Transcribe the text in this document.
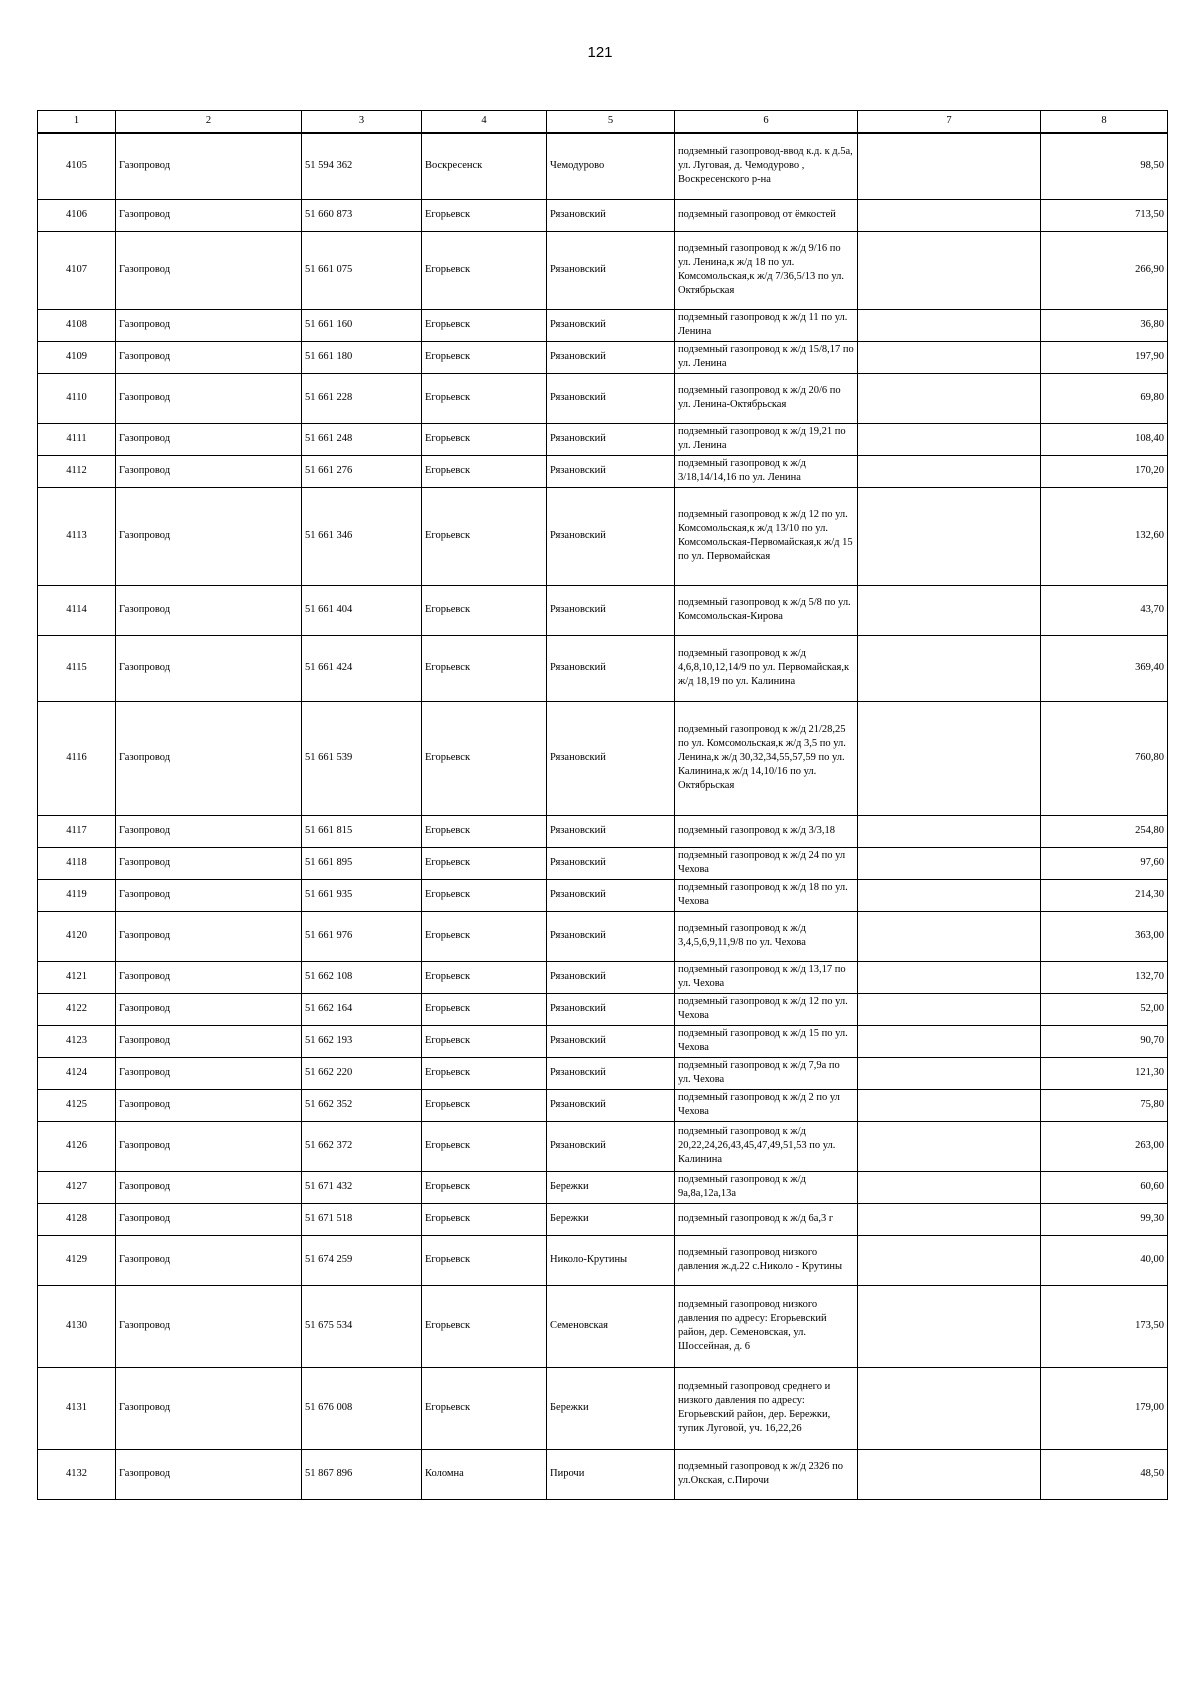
121
1	2	3	4	5	6	7	8
4105	Газопровод	51 594 362	Воскресенск	Чемодурово	подземный газопровод-ввод к.д. к д.5а, ул. Луговая, д. Чемодурово , Воскресенского р-на		98,50
4106	Газопровод	51 660 873	Егорьевск	Рязановский	подземный газопровод от ёмкостей		713,50
4107	Газопровод	51 661 075	Егорьевск	Рязановский	подземный газопровод к ж/д 9/16 по ул. Ленина,к ж/д 18 по ул. Комсомольская,к ж/д 7/36,5/13 по ул. Октябрьская		266,90
4108	Газопровод	51 661 160	Егорьевск	Рязановский	подземный газопровод к ж/д 11 по ул. Ленина		36,80
4109	Газопровод	51 661 180	Егорьевск	Рязановский	подземный газопровод к ж/д 15/8,17 по ул. Ленина		197,90
4110	Газопровод	51 661 228	Егорьевск	Рязановский	подземный газопровод к ж/д 20/6 по ул. Ленина-Октябрьская		69,80
4111	Газопровод	51 661 248	Егорьевск	Рязановский	подземный газопровод к ж/д 19,21 по ул. Ленина		108,40
4112	Газопровод	51 661 276	Егорьевск	Рязановский	подземный газопровод к ж/д 3/18,14/14,16 по ул. Ленина		170,20
4113	Газопровод	51 661 346	Егорьевск	Рязановский	подземный газопровод к ж/д 12 по ул. Комсомольская,к ж/д 13/10 по ул. Комсомольская-Первомайская,к ж/д 15 по ул. Первомайская		132,60
4114	Газопровод	51 661 404	Егорьевск	Рязановский	подземный газопровод к ж/д 5/8 по ул. Комсомольская-Кирова		43,70
4115	Газопровод	51 661 424	Егорьевск	Рязановский	подземный газопровод к ж/д 4,6,8,10,12,14/9 по ул. Первомайская,к ж/д 18,19 по ул. Калинина		369,40
4116	Газопровод	51 661 539	Егорьевск	Рязановский	подземный газопровод к ж/д 21/28,25 по ул. Комсомольская,к ж/д 3,5 по ул. Ленина,к ж/д 30,32,34,55,57,59 по ул. Калинина,к ж/д 14,10/16 по ул. Октябрьская		760,80
4117	Газопровод	51 661 815	Егорьевск	Рязановский	подземный газопровод к ж/д 3/3,18		254,80
4118	Газопровод	51 661 895	Егорьевск	Рязановский	подземный газопровод к ж/д 24 по ул Чехова		97,60
4119	Газопровод	51 661 935	Егорьевск	Рязановский	подземный газопровод к ж/д 18 по ул. Чехова		214,30
4120	Газопровод	51 661 976	Егорьевск	Рязановский	подземный газопровод к ж/д 3,4,5,6,9,11,9/8 по ул. Чехова		363,00
4121	Газопровод	51 662 108	Егорьевск	Рязановский	подземный газопровод к ж/д 13,17 по ул. Чехова		132,70
4122	Газопровод	51 662 164	Егорьевск	Рязановский	подземный газопровод к ж/д 12 по ул. Чехова		52,00
4123	Газопровод	51 662 193	Егорьевск	Рязановский	подземный газопровод к ж/д 15 по ул. Чехова		90,70
4124	Газопровод	51 662 220	Егорьевск	Рязановский	подземный газопровод к ж/д 7,9а по ул. Чехова		121,30
4125	Газопровод	51 662 352	Егорьевск	Рязановский	подземный газопровод к ж/д 2 по ул Чехова		75,80
4126	Газопровод	51 662 372	Егорьевск	Рязановский	подземный газопровод к ж/д 20,22,24,26,43,45,47,49,51,53 по ул. Калинина		263,00
4127	Газопровод	51 671 432	Егорьевск	Бережки	подземный газопровод к ж/д 9а,8а,12а,13а		60,60
4128	Газопровод	51 671 518	Егорьевск	Бережки	подземный газопровод к ж/д 6а,3 г		99,30
4129	Газопровод	51 674 259	Егорьевск	Николо-Крутины	подземный газопровод низкого давления ж.д.22 с.Николо - Крутины		40,00
4130	Газопровод	51 675 534	Егорьевск	Семеновская	подземный газопровод низкого давления по адресу: Егорьевский район, дер. Семеновская, ул. Шоссейная, д. 6		173,50
4131	Газопровод	51 676 008	Егорьевск	Бережки	подземный газопровод среднего и низкого давления по адресу: Егорьевский район, дер. Бережки, тупик Луговой, уч. 16,22,26		179,00
4132	Газопровод	51 867 896	Коломна	Пирочи	подземный газопровод к ж/д 2326 по ул.Окская, с.Пирочи		48,50
